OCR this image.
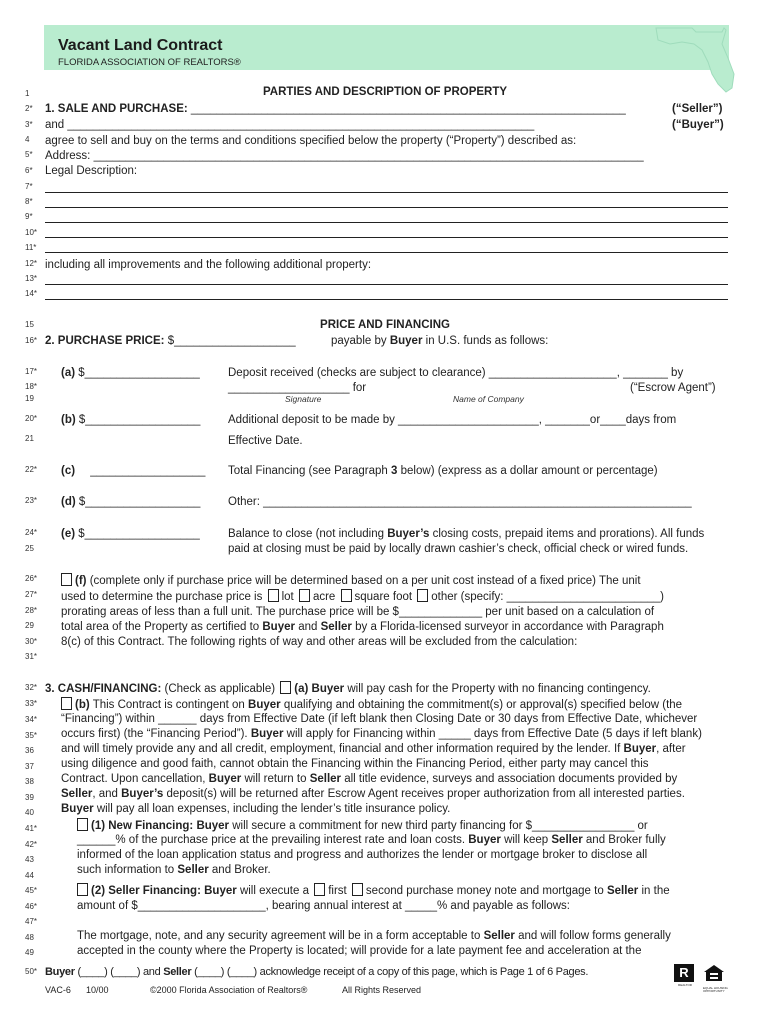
Vacant Land Contract
FLORIDA ASSOCIATION OF REALTORS®
1
2*
3*
4
5*
6*
7*
8*
9*
10*
11*
12*
13*
14*
15
16*
17*
18*
19
20*
21
22*
23*
24*
25
26*
27*
28*
29
30*
31*
32*
33*
34*
35*
36
37
38
39
40
41*
42*
43
44
45*
46*
47*
48
49
50*
PARTIES AND DESCRIPTION OF PROPERTY
1. SALE AND PURCHASE: ____________________________________________________________________	(“Seller”)
and _________________________________________________________________________	(“Buyer”)
agree to sell and buy on the terms and conditions specified below the property (“Property”) described as:
Address: ______________________________________________________________________________________
Legal Description:
including all improvements and the following additional property:
PRICE AND FINANCING
2. PURCHASE PRICE: $___________________	payable by Buyer in U.S. funds as follows:
(a) $__________________ Deposit received (checks are subject to clearance) ____________________, _______ by
___________________ for	(“Escrow Agent”)
Signature	Name of Company
(b) $__________________ Additional deposit to be made by ______________________, _______or____days from
Effective Date.
(c) __________________ Total Financing (see Paragraph 3 below) (express as a dollar amount or percentage)
(d) $__________________ Other: ___________________________________________________________________
(e) $__________________ Balance to close (not including Buyer’s closing costs, prepaid items and prorations). All funds
paid at closing must be paid by locally drawn cashier’s check, official check or wired funds.
(f) (complete only if purchase price will be determined based on a per unit cost instead of a fixed price) The unit
used to determine the purchase price is lot acre square foot other (specify: ________________________)
prorating areas of less than a full unit. The purchase price will be $_____________ per unit based on a calculation of
total area of the Property as certified to Buyer and Seller by a Florida-licensed surveyor in accordance with Paragraph
8(c) of this Contract. The following rights of way and other areas will be excluded from the calculation:
3. CASH/FINANCING: (Check as applicable) (a) Buyer will pay cash for the Property with no financing contingency.
(b) This Contract is contingent on Buyer qualifying and obtaining the commitment(s) or approval(s) specified below (the
“Financing”) within ______ days from Effective Date (if left blank then Closing Date or 30 days from Effective Date, whichever
occurs first) (the “Financing Period”). Buyer will apply for Financing within _____ days from Effective Date (5 days if left blank)
and will timely provide any and all credit, employment, financial and other information required by the lender. If Buyer, after
using diligence and good faith, cannot obtain the Financing within the Financing Period, either party may cancel this
Contract. Upon cancellation, Buyer will return to Seller all title evidence, surveys and association documents provided by
Seller, and Buyer’s deposit(s) will be returned after Escrow Agent receives proper authorization from all interested parties.
Buyer will pay all loan expenses, including the lender’s title insurance policy.
(1) New Financing: Buyer will secure a commitment for new third party financing for $________________ or
______% of the purchase price at the prevailing interest rate and loan costs. Buyer will keep Seller and Broker fully
informed of the loan application status and progress and authorizes the lender or mortgage broker to disclose all
such information to Seller and Broker.
(2) Seller Financing: Buyer will execute a first second purchase money note and mortgage to Seller in the
amount of $____________________, bearing annual interest at _____% and payable as follows:
The mortgage, note, and any security agreement will be in a form acceptable to Seller and will follow forms generally
accepted in the county where the Property is located; will provide for a late payment fee and acceleration at the
Buyer (____) (____) and Seller (____) (____) acknowledge receipt of a copy of this page, which is Page 1 of 6 Pages.
VAC-6 10/00	©2000 Florida Association of Realtors®	All Rights Reserved
R
REALTOR
EQUAL HOUSING OPPORTUNITY
